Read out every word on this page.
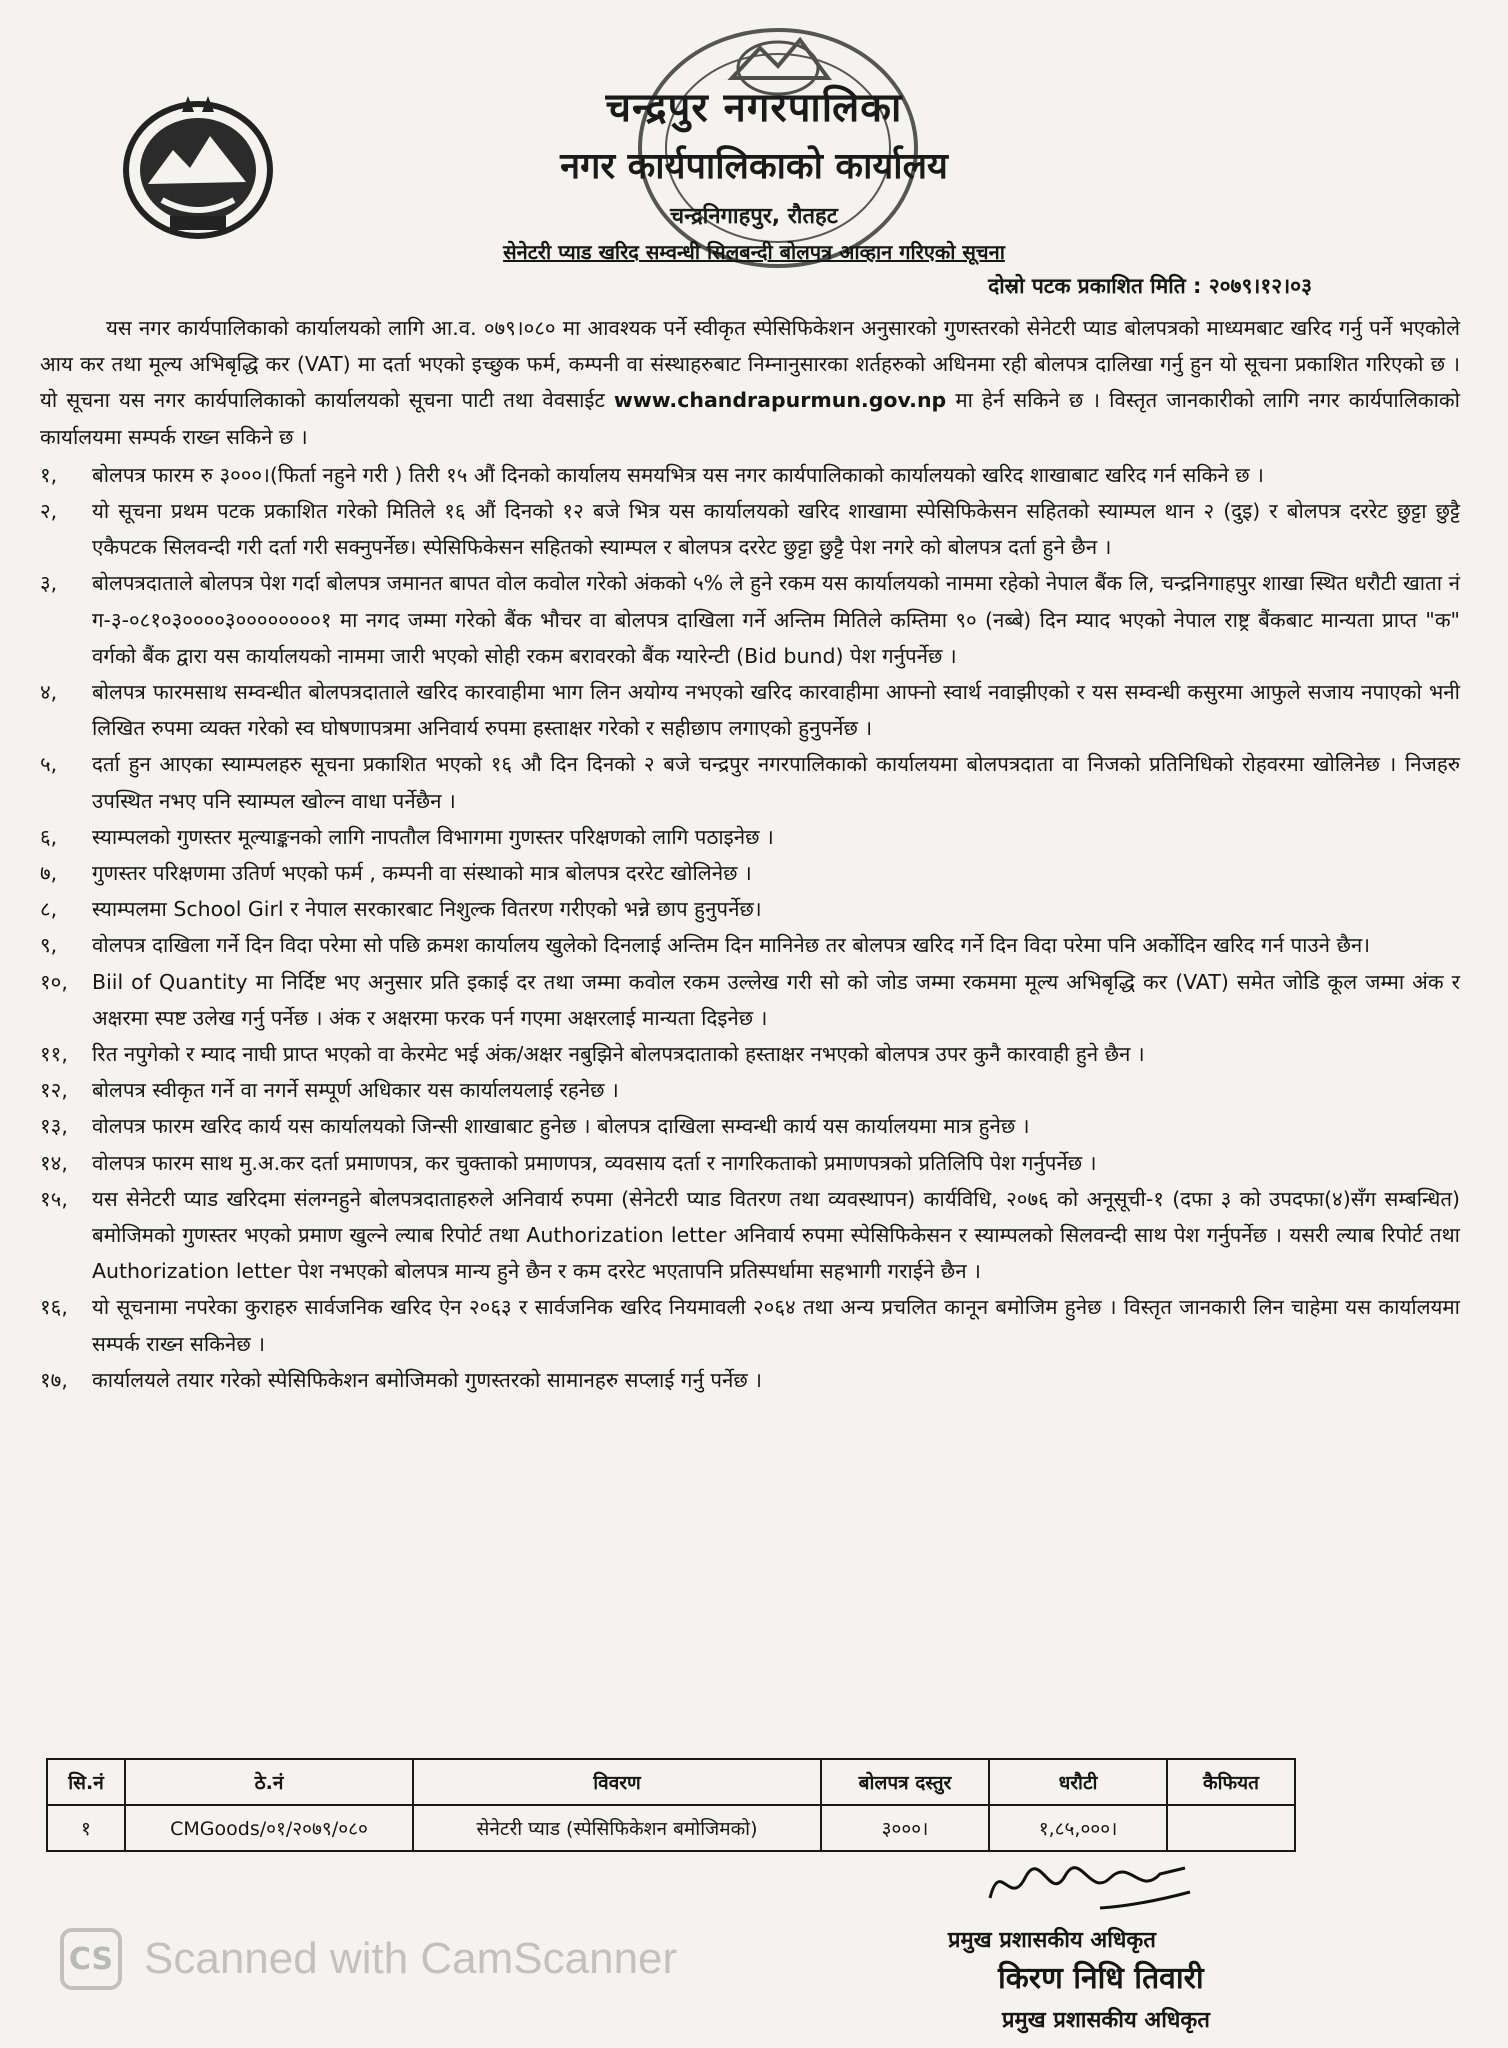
चन्द्रपुर नगरपालिका
नगर कार्यपालिकाको कार्यालय
चन्द्रनिगाहपुर, रौतहट
सेनेटरी प्याड खरिद सम्वन्धी सिलबन्दी बोलपत्र आव्हान गरिएको सूचना
दोस्रो पटक प्रकाशित मिति : २०७९।१२।०३

यस नगर कार्यपालिकाको कार्यालयको लागि आ.व. ०७९।०८० मा आवश्यक पर्ने स्वीकृत स्पेसिफिकेशन अनुसारको गुणस्तरको सेनेटरी प्याड बोलपत्रको माध्यमबाट खरिद गर्नु पर्ने भएकोले आय कर तथा मूल्य अभिबृद्धि कर (VAT) मा दर्ता भएको इच्छुक फर्म, कम्पनी वा संस्थाहरुबाट निम्नानुसारका शर्तहरुको अधिनमा रही बोलपत्र दालिखा गर्नु हुन यो सूचना प्रकाशित गरिएको छ । यो सूचना यस नगर कार्यपालिकाको कार्यालयको सूचना पाटी तथा वेवसाईट www.chandrapurmun.gov.np मा हेर्न सकिने छ । विस्तृत जानकारीको लागि नगर कार्यपालिकाको कार्यालयमा सम्पर्क राख्न सकिने छ ।

१,	बोलपत्र फारम रु ३०००।(फिर्ता नहुने गरी ) तिरी १५ औं दिनको कार्यालय समयभित्र यस नगर कार्यपालिकाको कार्यालयको खरिद शाखाबाट खरिद गर्न सकिने छ ।
२,	यो सूचना प्रथम पटक प्रकाशित गरेको मितिले १६ औं दिनको १२ बजे भित्र यस कार्यालयको खरिद शाखामा स्पेसिफिकेसन सहितको स्याम्पल थान २ (दुइ) र बोलपत्र दररेट छुट्टा छुट्टै एकैपटक सिलवन्दी गरी दर्ता गरी सक्नुपर्नेछ। स्पेसिफिकेसन सहितको स्याम्पल र बोलपत्र दररेट छुट्टा छुट्टै पेश नगरे को बोलपत्र दर्ता हुने छैन ।
३,	बोलपत्रदाताले बोलपत्र पेश गर्दा बोलपत्र जमानत बापत वोल कवोल गरेको अंकको ५% ले हुने रकम यस कार्यालयको नाममा रहेको नेपाल बैंक लि, चन्द्रनिगाहपुर शाखा स्थित धरौटी खाता नं ग-३-०८१०३००००३००००००००१ मा नगद जम्मा गरेको बैंक भौचर वा बोलपत्र दाखिला गर्ने अन्तिम मितिले कम्तिमा ९० (नब्बे) दिन म्याद भएको नेपाल राष्ट्र बैंकबाट मान्यता प्राप्त "क" वर्गको बैंक द्वारा यस कार्यालयको नाममा जारी भएको सोही रकम बरावरको बैंक ग्यारेन्टी (Bid bund) पेश गर्नुपर्नेछ ।
४,	बोलपत्र फारमसाथ सम्वन्धीत बोलपत्रदाताले खरिद कारवाहीमा भाग लिन अयोग्य नभएको खरिद कारवाहीमा आफ्नो स्वार्थ नवाझीएको र यस सम्वन्धी कसुरमा आफुले सजाय नपाएको भनी लिखित रुपमा व्यक्त गरेको स्व घोषणापत्रमा अनिवार्य रुपमा हस्ताक्षर गरेको र सहीछाप लगाएको हुनुपर्नेछ ।
५,	दर्ता हुन आएका स्याम्पलहरु सूचना प्रकाशित भएको १६ औ दिन दिनको २ बजे चन्द्रपुर नगरपालिकाको कार्यालयमा बोलपत्रदाता वा निजको प्रतिनिधिको रोहवरमा खोलिनेछ । निजहरु उपस्थित नभए पनि स्याम्पल खोल्न वाधा पर्नेछैन ।
६,	स्याम्पलको गुणस्तर मूल्याङ्कनको लागि नापतौल विभागमा गुणस्तर परिक्षणको लागि पठाइनेछ ।
७,	गुणस्तर परिक्षणमा उतिर्ण भएको फर्म , कम्पनी वा संस्थाको मात्र बोलपत्र दररेट खोलिनेछ ।
८,	स्याम्पलमा School Girl र नेपाल सरकारबाट निशुल्क वितरण गरीएको भन्ने छाप हुनुपर्नेछ।
९,	वोलपत्र दाखिला गर्ने दिन विदा परेमा सो पछि क्रमश कार्यालय खुलेको दिनलाई अन्तिम दिन मानिनेछ तर बोलपत्र खरिद गर्ने दिन विदा परेमा पनि अर्कोदिन खरिद गर्न पाउने छैन।
१०,	Biil of Quantity मा निर्दिष्ट भए अनुसार प्रति इकाई दर तथा जम्मा कवोल रकम उल्लेख गरी सो को जोड जम्मा रकममा मूल्य अभिबृद्धि कर (VAT) समेत जोडि कूल जम्मा अंक र अक्षरमा स्पष्ट उलेख गर्नु पर्नेछ । अंक र अक्षरमा फरक पर्न गएमा अक्षरलाई मान्यता दिइनेछ ।
११,	रित नपुगेको र म्याद नाघी प्राप्त भएको वा केरमेट भई अंक/अक्षर नबुझिने बोलपत्रदाताको हस्ताक्षर नभएको बोलपत्र उपर कुनै कारवाही हुने छैन ।
१२,	बोलपत्र स्वीकृत गर्ने वा नगर्ने सम्पूर्ण अधिकार यस कार्यालयलाई रहनेछ ।
१३,	वोलपत्र फारम खरिद कार्य यस कार्यालयको जिन्सी शाखाबाट हुनेछ । बोलपत्र दाखिला सम्वन्धी कार्य यस कार्यालयमा मात्र हुनेछ ।
१४,	वोलपत्र फारम साथ मु.अ.कर दर्ता प्रमाणपत्र, कर चुक्ताको प्रमाणपत्र, व्यवसाय दर्ता र नागरिकताको प्रमाणपत्रको प्रतिलिपि पेश गर्नुपर्नेछ ।
१५,	यस सेनेटरी प्याड खरिदमा संलग्नहुने बोलपत्रदाताहरुले अनिवार्य रुपमा (सेनेटरी प्याड वितरण तथा व्यवस्थापन) कार्यविधि, २०७६ को अनूसूची-१ (दफा ३ को उपदफा(४)सँग सम्बन्धित) बमोजिमको गुणस्तर भएको प्रमाण खुल्ने ल्याब रिपोर्ट तथा Authorization letter अनिवार्य रुपमा स्पेसिफिकेसन र स्याम्पलको सिलवन्दी साथ पेश गर्नुपर्नेछ । यसरी ल्याब रिपोर्ट तथा Authorization letter पेश नभएको बोलपत्र मान्य हुने छैन र कम दररेट भएतापनि प्रतिस्पर्धामा सहभागी गराईने छैन ।
१६,	यो सूचनामा नपरेका कुराहरु सार्वजनिक खरिद ऐन २०६३ र सार्वजनिक खरिद नियमावली २०६४ तथा अन्य प्रचलित कानून बमोजिम हुनेछ । विस्तृत जानकारी लिन चाहेमा यस कार्यालयमा सम्पर्क राख्न सकिनेछ ।
१७,	कार्यालयले तयार गरेको स्पेसिफिकेशन बमोजिमको गुणस्तरको सामानहरु सप्लाई गर्नु पर्नेछ ।
सि.नं	ठे.नं	विवरण	बोलपत्र दस्तुर	धरौटी	कैफियत
१	CMGoods/०१/२०७९/०८०	सेनेटरी प्याड (स्पेसिफिकेशन बमोजिमको)	३०००।	१,८५,०००।	
प्रमुख प्रशासकीय अधिकृत
किरण निधि तिवारी
प्रमुख प्रशासकीय अधिकृत
CS Scanned with CamScanner
